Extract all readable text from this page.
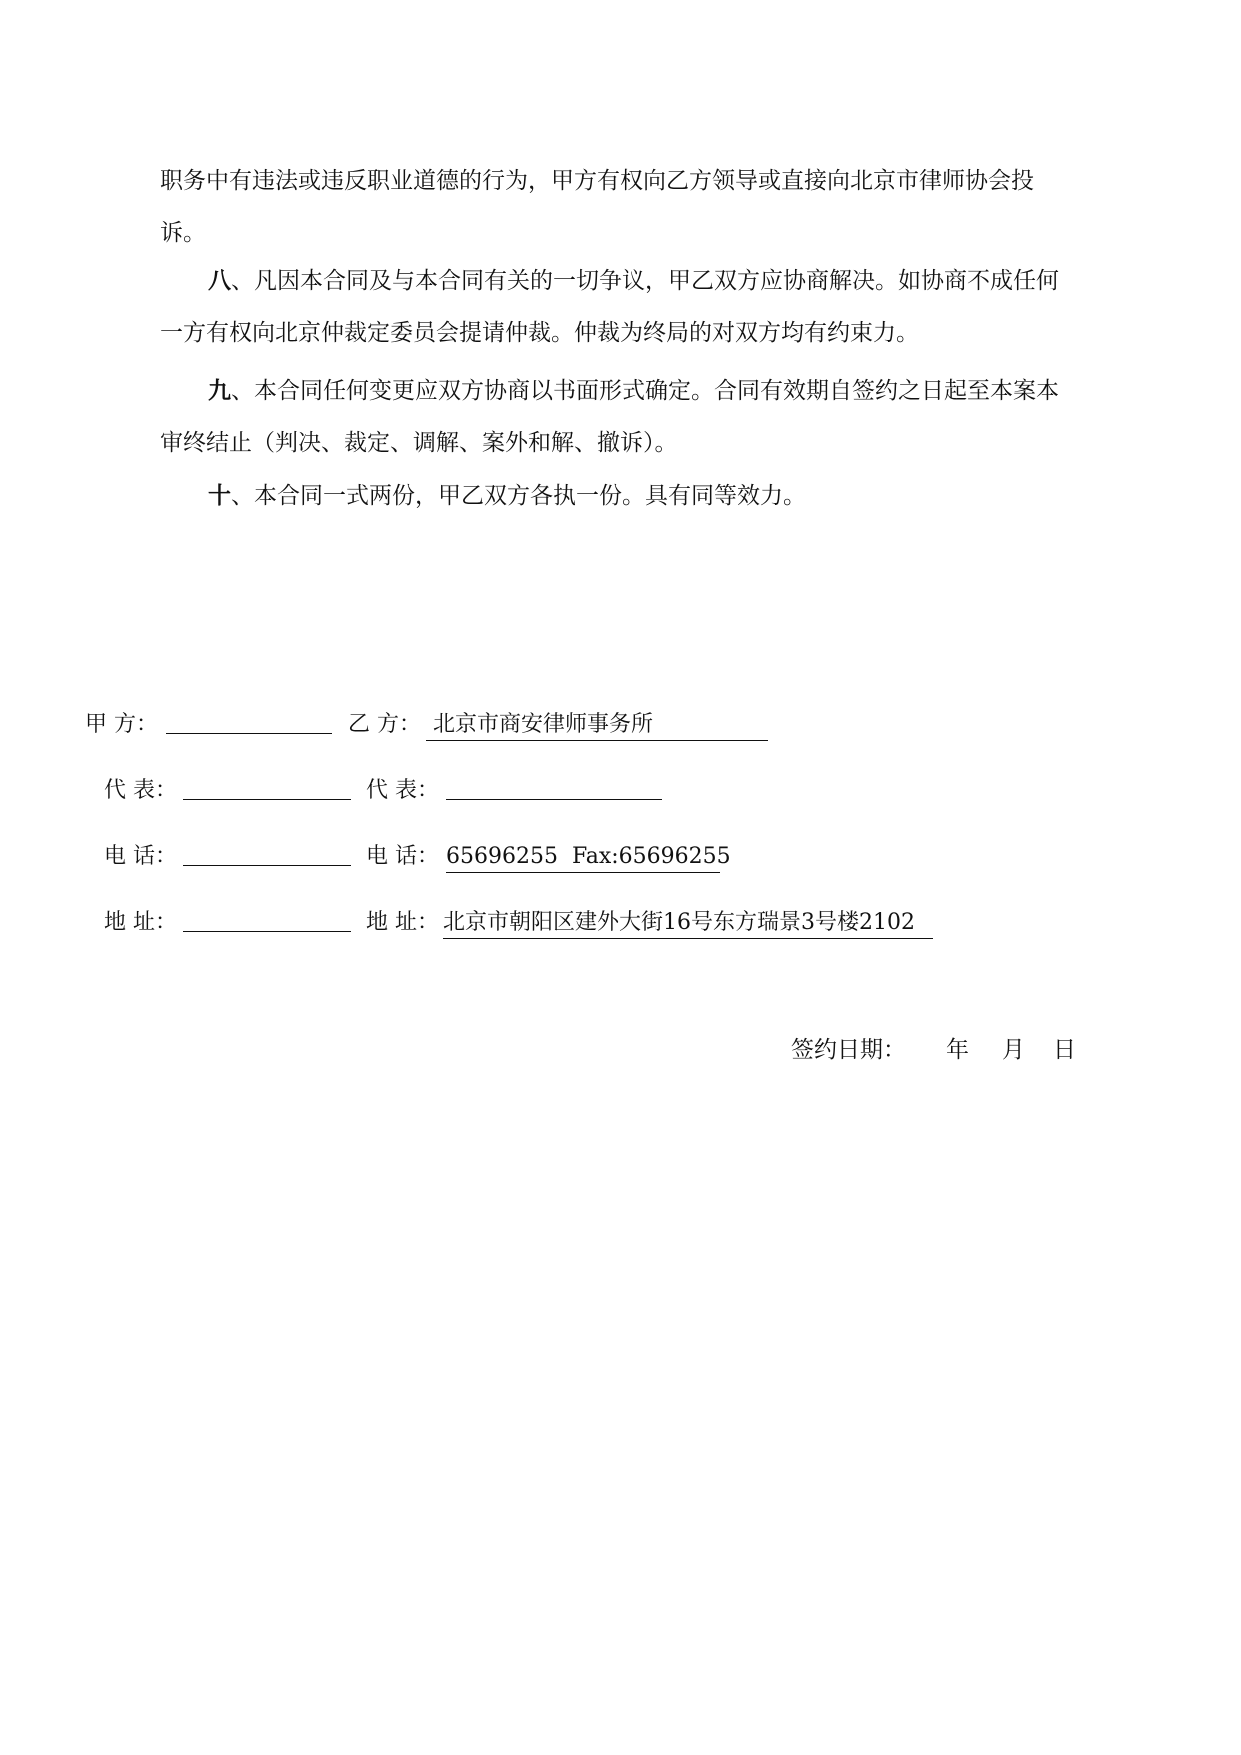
职务中有违法或违反职业道德的行为，甲方有权向乙方领导或直接向北京市律师协会投诉。

八、凡因本合同及与本合同有关的一切争议，甲乙双方应协商解决。如协商不成任何一方有权向北京仲裁定委员会提请仲裁。仲裁为终局的对双方均有约束力。

九、本合同任何变更应双方协商以书面形式确定。合同有效期自签约之日起至本案本审终结止（判决、裁定、调解、案外和解、撤诉）。

十、本合同一式两份，甲乙双方各执一份。具有同等效力。

甲 方：	乙 方： 北京市商安律师事务所
代 表：	代 表：
电 话：	电 话： 65696255  Fax:65696255
地 址：	地 址： 北京市朝阳区建外大街16号东方瑞景3号楼2102
签约日期： 年 月 日
